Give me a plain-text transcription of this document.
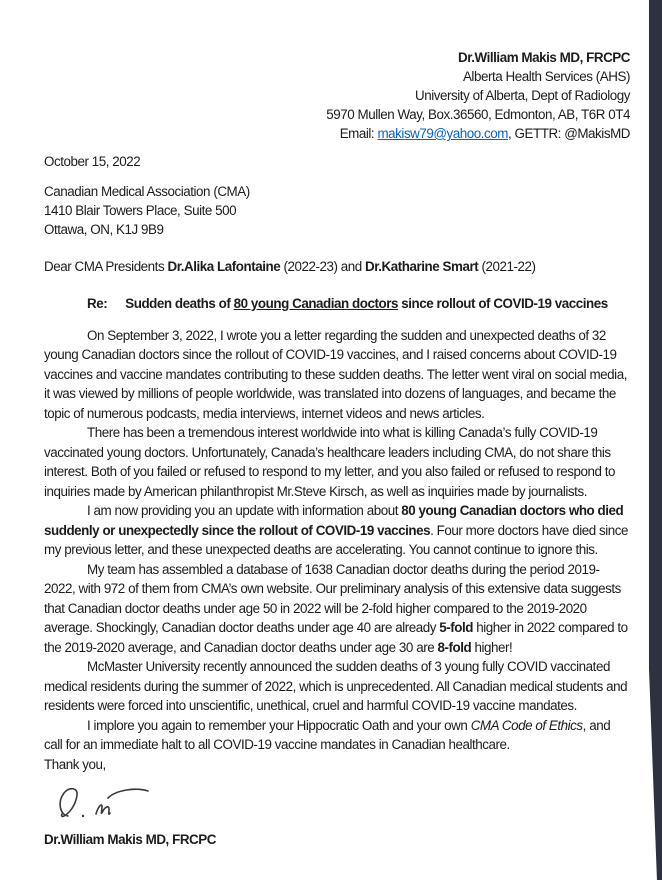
Dr.William Makis MD, FRCPC
Alberta Health Services (AHS)
University of Alberta, Dept of Radiology
5970 Mullen Way, Box.36560, Edmonton, AB, T6R 0T4
Email: makisw79@yahoo.com, GETTR: @MakisMD
October 15, 2022
Canadian Medical Association (CMA)
1410 Blair Towers Place, Suite 500
Ottawa, ON, K1J 9B9
Dear CMA Presidents Dr.Alika Lafontaine (2022-23) and Dr.Katharine Smart (2021-22)
Re: Sudden deaths of 80 young Canadian doctors since rollout of COVID-19 vaccines

On September 3, 2022, I wrote you a letter regarding the sudden and unexpected deaths of 32 young Canadian doctors since the rollout of COVID-19 vaccines, and I raised concerns about COVID-19 vaccines and vaccine mandates contributing to these sudden deaths. The letter went viral on social media, it was viewed by millions of people worldwide, was translated into dozens of languages, and became the topic of numerous podcasts, media interviews, internet videos and news articles.

There has been a tremendous interest worldwide into what is killing Canada’s fully COVID-19 vaccinated young doctors. Unfortunately, Canada’s healthcare leaders including CMA, do not share this interest. Both of you failed or refused to respond to my letter, and you also failed or refused to respond to inquiries made by American philanthropist Mr.Steve Kirsch, as well as inquiries made by journalists.

I am now providing you an update with information about 80 young Canadian doctors who died suddenly or unexpectedly since the rollout of COVID-19 vaccines. Four more doctors have died since my previous letter, and these unexpected deaths are accelerating. You cannot continue to ignore this.

My team has assembled a database of 1638 Canadian doctor deaths during the period 2019-2022, with 972 of them from CMA’s own website. Our preliminary analysis of this extensive data suggests that Canadian doctor deaths under age 50 in 2022 will be 2-fold higher compared to the 2019-2020 average. Shockingly, Canadian doctor deaths under age 40 are already 5-fold higher in 2022 compared to the 2019-2020 average, and Canadian doctor deaths under age 30 are 8-fold higher!

McMaster University recently announced the sudden deaths of 3 young fully COVID vaccinated medical residents during the summer of 2022, which is unprecedented. All Canadian medical students and residents were forced into unscientific, unethical, cruel and harmful COVID-19 vaccine mandates.

I implore you again to remember your Hippocratic Oath and your own CMA Code of Ethics, and call for an immediate halt to all COVID-19 vaccine mandates in Canadian healthcare.

Thank you,
Dr.William Makis MD, FRCPC
